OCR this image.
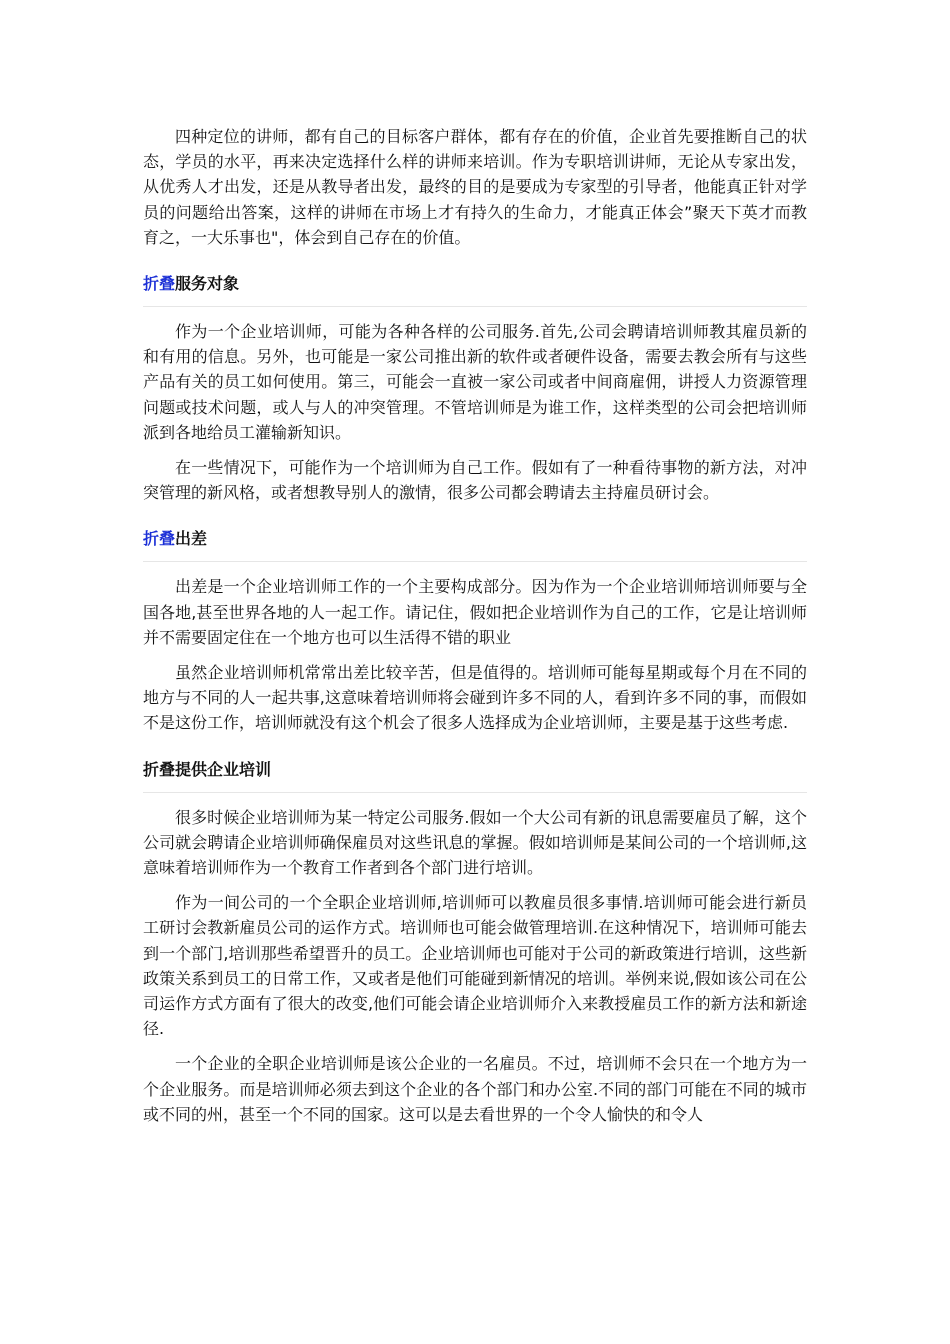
四种定位的讲师，都有自己的目标客户群体，都有存在的价值，企业首先要推断自己的状态，学员的水平，再来决定选择什么样的讲师来培训。作为专职培训讲师，无论从专家出发，从优秀人才出发，还是从教导者出发，最终的目的是要成为专家型的引导者，他能真正针对学员的问题给出答案，这样的讲师在市场上才有持久的生命力，才能真正体会”聚天下英才而教育之，一大乐事也"，体会到自己存在的价值。

折叠服务对象

作为一个企业培训师，可能为各种各样的公司服务.首先,公司会聘请培训师教其雇员新的和有用的信息。另外，也可能是一家公司推出新的软件或者硬件设备，需要去教会所有与这些产品有关的员工如何使用。第三，可能会一直被一家公司或者中间商雇佣，讲授人力资源管理问题或技术问题，或人与人的冲突管理。不管培训师是为谁工作，这样类型的公司会把培训师派到各地给员工灌输新知识。

在一些情况下，可能作为一个培训师为自己工作。假如有了一种看待事物的新方法，对冲突管理的新风格，或者想教导别人的激情，很多公司都会聘请去主持雇员研讨会。

折叠出差

出差是一个企业培训师工作的一个主要构成部分。因为作为一个企业培训师培训师要与全国各地,甚至世界各地的人一起工作。请记住，假如把企业培训作为自己的工作，它是让培训师并不需要固定住在一个地方也可以生活得不错的职业

虽然企业培训师机常常出差比较辛苦，但是值得的。培训师可能每星期或每个月在不同的地方与不同的人一起共事,这意味着培训师将会碰到许多不同的人，看到许多不同的事，而假如不是这份工作，培训师就没有这个机会了很多人选择成为企业培训师，主要是基于这些考虑.

折叠提供企业培训

很多时候企业培训师为某一特定公司服务.假如一个大公司有新的讯息需要雇员了解，这个公司就会聘请企业培训师确保雇员对这些讯息的掌握。假如培训师是某间公司的一个培训师,这意味着培训师作为一个教育工作者到各个部门进行培训。

作为一间公司的一个全职企业培训师,培训师可以教雇员很多事情.培训师可能会进行新员工研讨会教新雇员公司的运作方式。培训师也可能会做管理培训.在这种情况下，培训师可能去到一个部门,培训那些希望晋升的员工。企业培训师也可能对于公司的新政策进行培训，这些新政策关系到员工的日常工作，又或者是他们可能碰到新情况的培训。举例来说,假如该公司在公司运作方式方面有了很大的改变,他们可能会请企业培训师介入来教授雇员工作的新方法和新途径.

一个企业的全职企业培训师是该公企业的一名雇员。不过，培训师不会只在一个地方为一个企业服务。而是培训师必须去到这个企业的各个部门和办公室.不同的部门可能在不同的城市或不同的州，甚至一个不同的国家。这可以是去看世界的一个令人愉快的和令人
